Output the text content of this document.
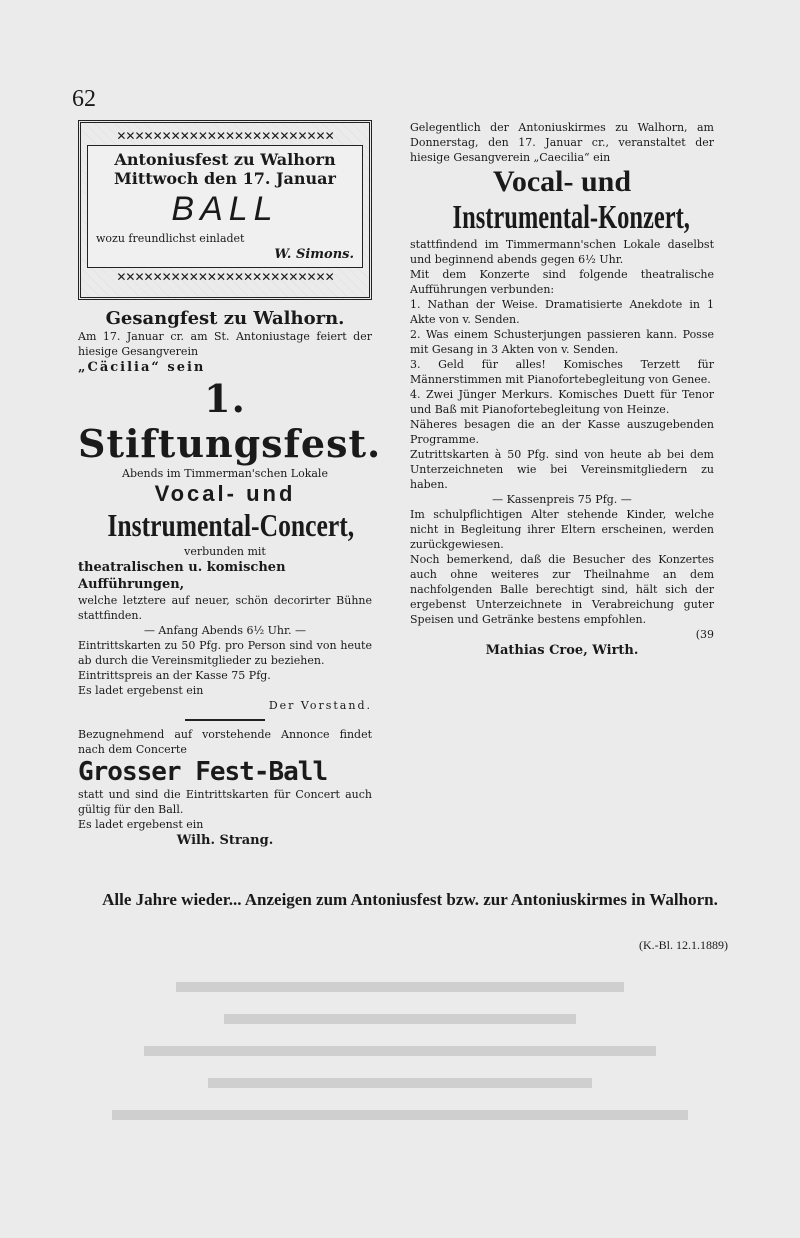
62
✕✕✕✕✕✕✕✕✕✕✕✕✕✕✕✕✕✕✕✕✕✕✕✕
Antoniusfest zu Walhorn
Mittwoch den 17. Januar
BALL
wozu freundlichst einladet
W. Simons.
✕✕✕✕✕✕✕✕✕✕✕✕✕✕✕✕✕✕✕✕✕✕✕✕
Gesangfest zu Walhorn.
Am 17. Januar cr. am St. Antoniustage feiert der hiesige Gesangverein
„Cäcilia“ sein
1. Stiftungsfest.
Abends im Timmerman'schen Lokale
Vocal- und
Instrumental-Concert,
verbunden mit
theatralischen u. komischen Aufführungen,
welche letztere auf neuer, schön decorirter Bühne stattfinden.
— Anfang Abends 6½ Uhr. —
Eintrittskarten zu 50 Pfg. pro Person sind von heute ab durch die Vereinsmitglieder zu beziehen.
Eintrittspreis an der Kasse 75 Pfg.
Es ladet ergebenst ein
Der Vorstand.
Bezugnehmend auf vorstehende Annonce findet nach dem Concerte
Grosser Fest-Ball
statt und sind die Eintrittskarten für Concert auch gültig für den Ball.
Es ladet ergebenst ein
Wilh. Strang.
Gelegentlich der Antoniuskirmes zu Walhorn, am Donnerstag, den 17. Januar cr., veranstaltet der hiesige Gesangverein „Caecilia“ ein
Vocal- und
Instrumental-Konzert,
stattfindend im Timmermann'schen Lokale daselbst und beginnend abends gegen 6½ Uhr.
Mit dem Konzerte sind folgende theatralische Aufführungen verbunden:
1. Nathan der Weise. Dramatisierte Anekdote in 1 Akte von v. Senden.
2. Was einem Schusterjungen passieren kann. Posse mit Gesang in 3 Akten von v. Senden.
3. Geld für alles! Komisches Terzett für Männerstimmen mit Pianofortebegleitung von Genee.
4. Zwei Jünger Merkurs. Komisches Duett für Tenor und Baß mit Pianofortebegleitung von Heinze.
Näheres besagen die an der Kasse auszugebenden Programme.
Zutrittskarten à 50 Pfg. sind von heute ab bei dem Unterzeichneten wie bei Vereinsmitgliedern zu haben.
— Kassenpreis 75 Pfg. —
Im schulpflichtigen Alter stehende Kinder, welche nicht in Begleitung ihrer Eltern erscheinen, werden zurückgewiesen.
Noch bemerkend, daß die Besucher des Konzertes auch ohne weiteres zur Theilnahme an dem nachfolgenden Balle berechtigt sind, hält sich der ergebenst Unterzeichnete in Verabreichung guter Speisen und Getränke bestens empfohlen.
(39
Mathias Croe, Wirth.
Alle Jahre wieder... Anzeigen zum Antoniusfest bzw. zur Antoniuskirmes in Walhorn.
(K.-Bl. 12.1.1889)
